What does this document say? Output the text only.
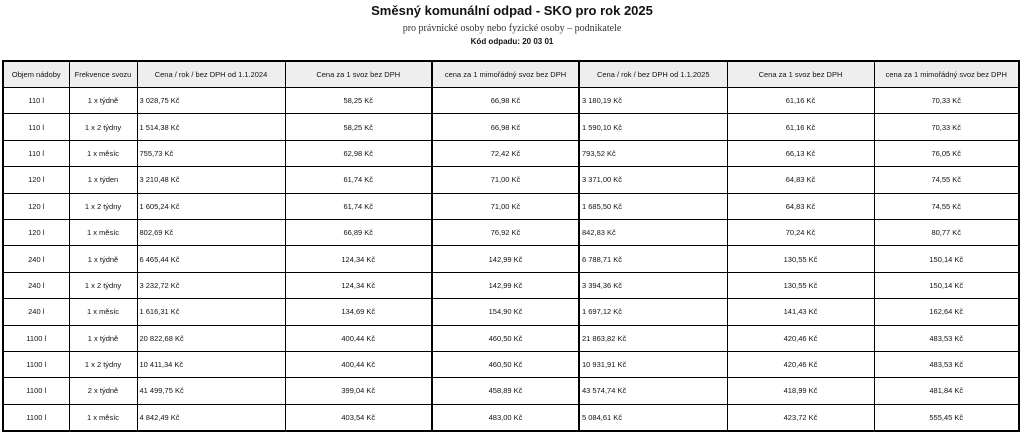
Směsný komunální odpad - SKO pro rok 2025
pro právnické osoby nebo fyzické osoby – podnikatele
Kód odpadu: 20 03 01
Objem nádoby	Frekvence svozu	Cena / rok / bez DPH od 1.1.2024	Cena za 1 svoz bez DPH	cena za 1 mimořádný svoz bez DPH	Cena / rok / bez DPH od 1.1.2025	Cena za 1 svoz bez DPH	cena za 1 mimořádný svoz bez DPH
110 l	1 x týdně	3 028,75 Kč	58,25 Kč	66,98 Kč	3 180,19 Kč	61,16 Kč	70,33 Kč
110 l	1 x 2 týdny	1 514,38 Kč	58,25 Kč	66,98 Kč	1 590,10 Kč	61,16 Kč	70,33 Kč
110 l	1 x měsíc	755,73 Kč	62,98 Kč	72,42 Kč	793,52 Kč	66,13 Kč	76,05 Kč
120 l	1 x týden	3 210,48 Kč	61,74 Kč	71,00 Kč	3 371,00 Kč	64,83 Kč	74,55 Kč
120 l	1 x 2 týdny	1 605,24 Kč	61,74 Kč	71,00 Kč	1 685,50 Kč	64,83 Kč	74,55 Kč
120 l	1 x měsíc	802,69 Kč	66,89 Kč	76,92 Kč	842,83 Kč	70,24 Kč	80,77 Kč
240 l	1 x týdně	6 465,44 Kč	124,34 Kč	142,99 Kč	6 788,71 Kč	130,55 Kč	150,14 Kč
240 l	1 x 2 týdny	3 232,72 Kč	124,34 Kč	142,99 Kč	3 394,36 Kč	130,55 Kč	150,14 Kč
240 l	1 x měsíc	1 616,31 Kč	134,69 Kč	154,90 Kč	1 697,12 Kč	141,43 Kč	162,64 Kč
1100 l	1 x týdně	20 822,68 Kč	400,44 Kč	460,50 Kč	21 863,82 Kč	420,46 Kč	483,53 Kč
1100 l	1 x 2 týdny	10 411,34 Kč	400,44 Kč	460,50 Kč	10 931,91 Kč	420,46 Kč	483,53 Kč
1100 l	2 x týdně	41 499,75 Kč	399,04 Kč	458,89 Kč	43 574,74 Kč	418,99 Kč	481,84 Kč
1100 l	1 x měsíc	4 842,49 Kč	403,54 Kč	483,00 Kč	5 084,61 Kč	423,72 Kč	555,45 Kč
